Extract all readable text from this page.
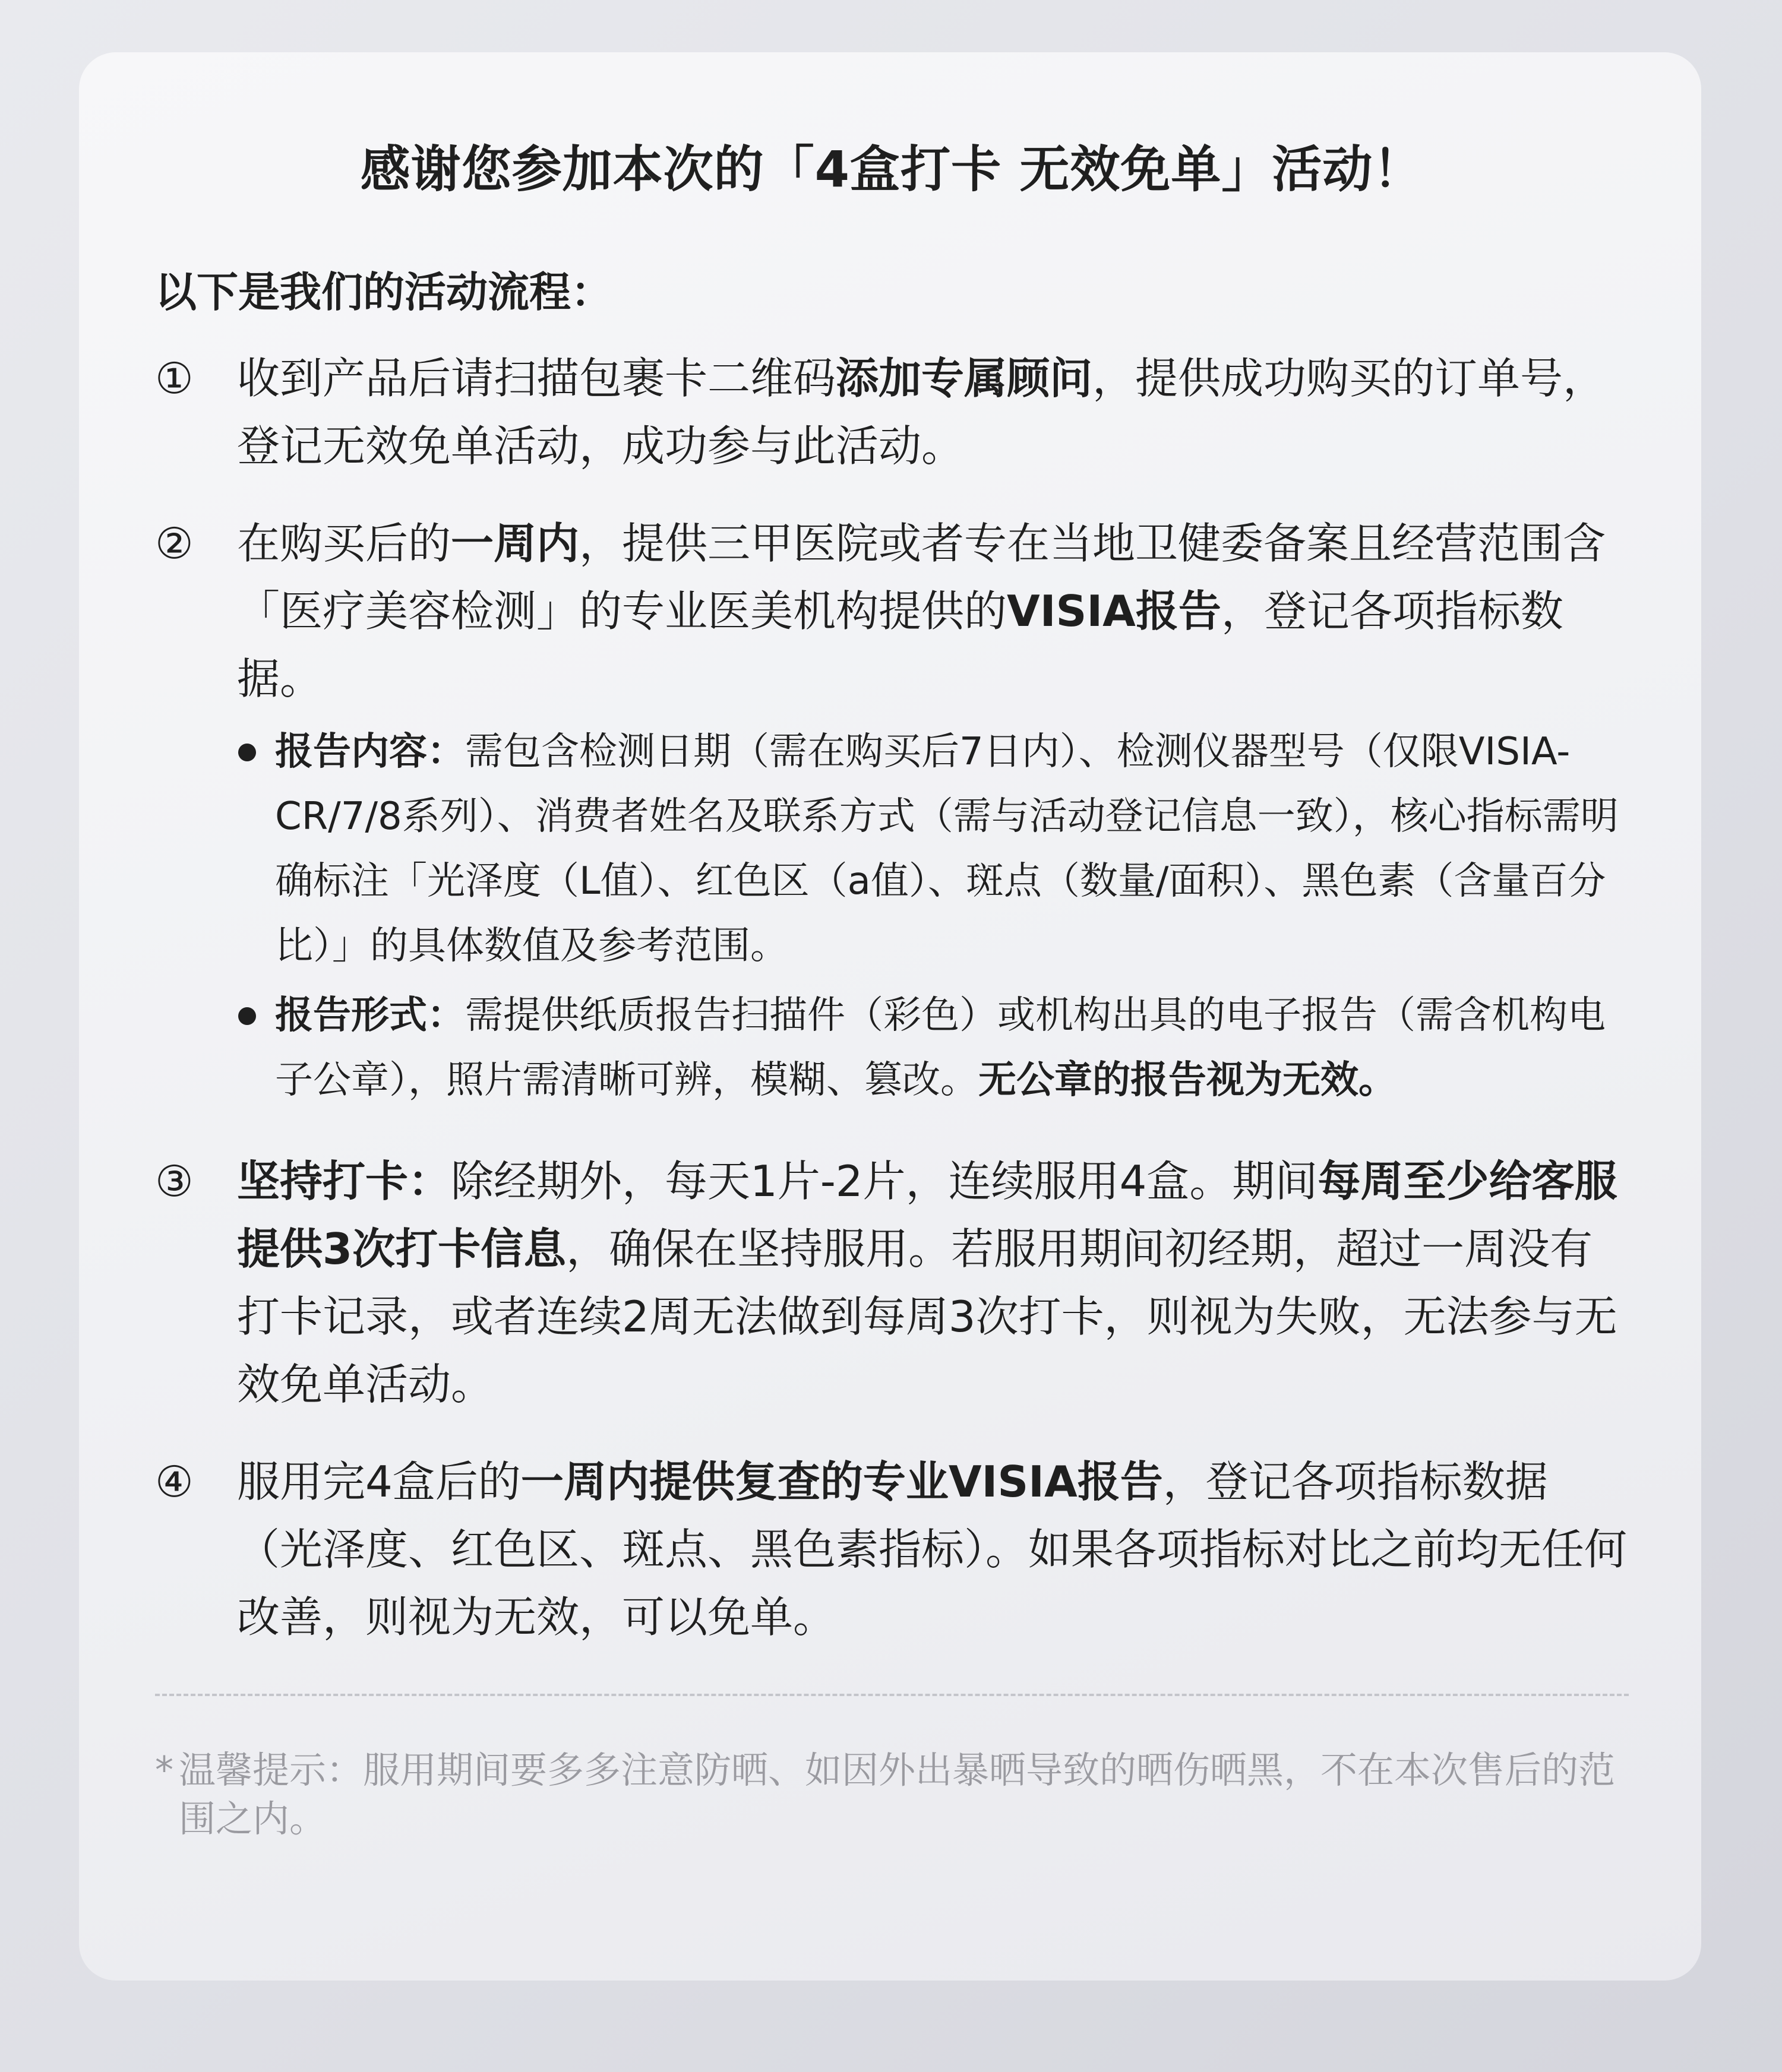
感谢您参加本次的「4盒打卡 无效免单」活动！
以下是我们的活动流程：
①	收到产品后请扫描包裹卡二维码添加专属顾问，提供成功购买的订单号，登记无效免单活动，成功参与此活动。
②	在购买后的一周内，提供三甲医院或者专在当地卫健委备案且经营范围含「医疗美容检测」的专业医美机构提供的VISIA报告，登记各项指标数据。
报告内容：需包含检测日期（需在购买后7日内）、检测仪器型号（仅限VISIA-CR/7/8系列）、消费者姓名及联系方式（需与活动登记信息一致），核心指标需明确标注「光泽度（L值）、红色区（a值）、斑点（数量/面积）、黑色素（含量百分比）」的具体数值及参考范围。
报告形式：需提供纸质报告扫描件（彩色）或机构出具的电子报告（需含机构电子公章），照片需清晰可辨，模糊、篡改。无公章的报告视为无效。
③	坚持打卡：除经期外，每天1片-2片，连续服用4盒。期间每周至少给客服提供3次打卡信息，确保在坚持服用。若服用期间初经期，超过一周没有打卡记录，或者连续2周无法做到每周3次打卡，则视为失败，无法参与无效免单活动。
④	服用完4盒后的一周内提供复查的专业VISIA报告，登记各项指标数据（光泽度、红色区、斑点、黑色素指标）。如果各项指标对比之前均无任何改善，则视为无效，可以免单。
* 温馨提示：服用期间要多多注意防晒、如因外出暴晒导致的晒伤晒黑，不在本次售后的范围之内。
